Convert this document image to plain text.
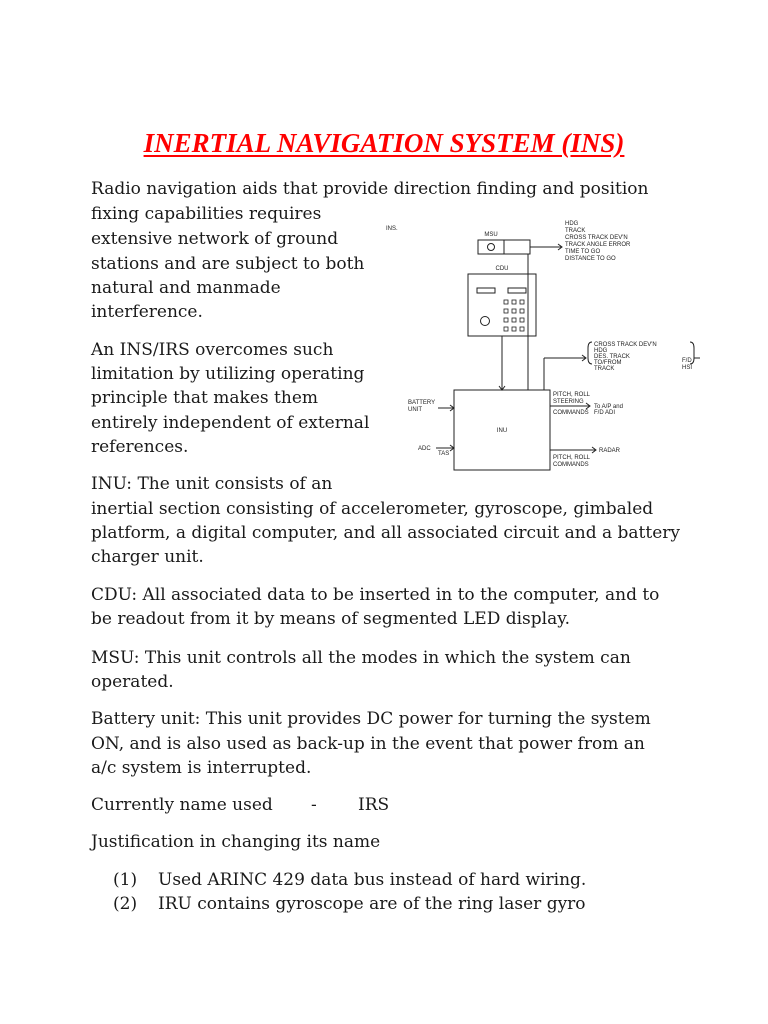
INERTIAL NAVIGATION SYSTEM (INS)
Radio navigation aids that provide direction finding and position
fixing capabilities requires
extensive network of ground
stations and are subject to both
natural and manmade
interference.
An INS/IRS overcomes such
limitation by utilizing operating
principle that makes them
entirely independent of external
references.
INU: The unit consists of an
inertial section consisting of accelerometer, gyroscope, gimbaled
platform, a digital computer, and all associated circuit and a battery
charger unit.
CDU: All associated data to be inserted in to the computer, and to
be readout from it by means of segmented LED display.
MSU: This unit controls all the modes in which the system can
operated.
Battery unit: This unit provides DC power for turning the system
ON, and is also used as back-up in the event that power from an
a/c system is interrupted.
Currently name used - IRS
Justification in changing its name
(1) Used ARINC 429 data bus instead of hard wiring.
(2) IRU contains gyroscope are of the ring laser gyro
INS.
MSU
CDU
HDG
TRACK
CROSS TRACK DEV'N
TRACK ANGLE ERROR
TIME TO GO
DISTANCE TO GO
CROSS TRACK DEV'N
HDG
DES. TRACK
TO/FROM
TRACK
F/D
HSI
BATTERY
UNIT
INU
ADC
TAS
PITCH, ROLL
STEERING
COMMANDS
To A/P and
F/D ADI
RADAR
PITCH, ROLL
COMMANDS
